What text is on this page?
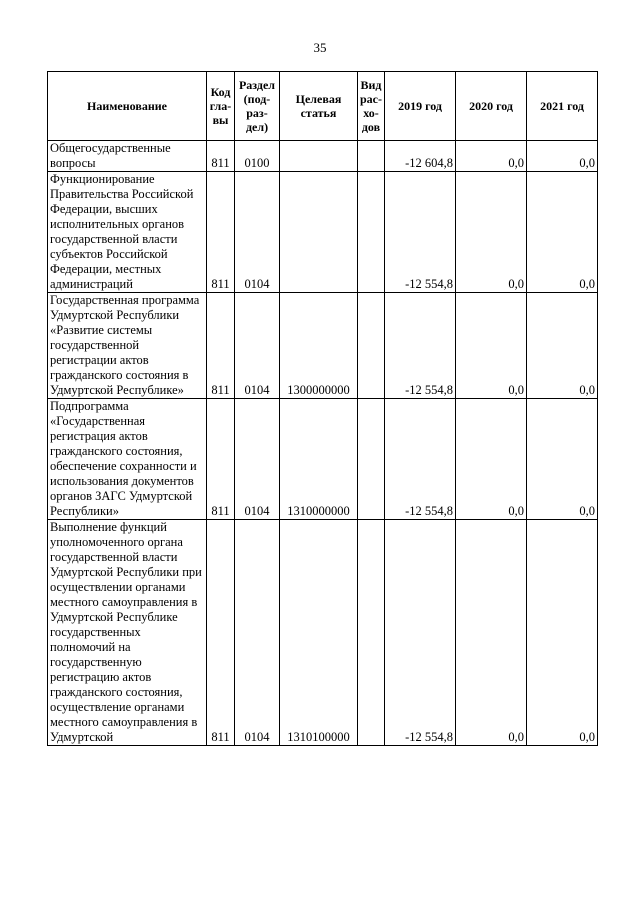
35
Наименование	Код гла- вы	Раздел (под- раз- дел)	Целевая статья	Вид рас- хо- дов	2019 год	2020 год	2021 год
Общегосударственные вопросы	811	0100			-12 604,8	0,0	0,0
Функционирование Правительства Российской Федерации, высших исполнительных органов государственной власти субъектов Российской Федерации, местных администраций	811	0104			-12 554,8	0,0	0,0
Государственная программа Удмуртской Республики «Развитие системы государственной регистрации актов гражданского состояния в Удмуртской Республике»	811	0104	1300000000		-12 554,8	0,0	0,0
Подпрограмма «Государственная регистрация актов гражданского состояния, обеспечение сохранности и использования документов органов ЗАГС Удмуртской Республики»	811	0104	1310000000		-12 554,8	0,0	0,0
Выполнение функций уполномоченного органа государственной власти Удмуртской Республики при осуществлении органами местного самоуправления в Удмуртской Республике государственных полномочий на государственную регистрацию актов гражданского состояния, осуществление органами местного самоуправления в Удмуртской	811	0104	1310100000		-12 554,8	0,0	0,0
